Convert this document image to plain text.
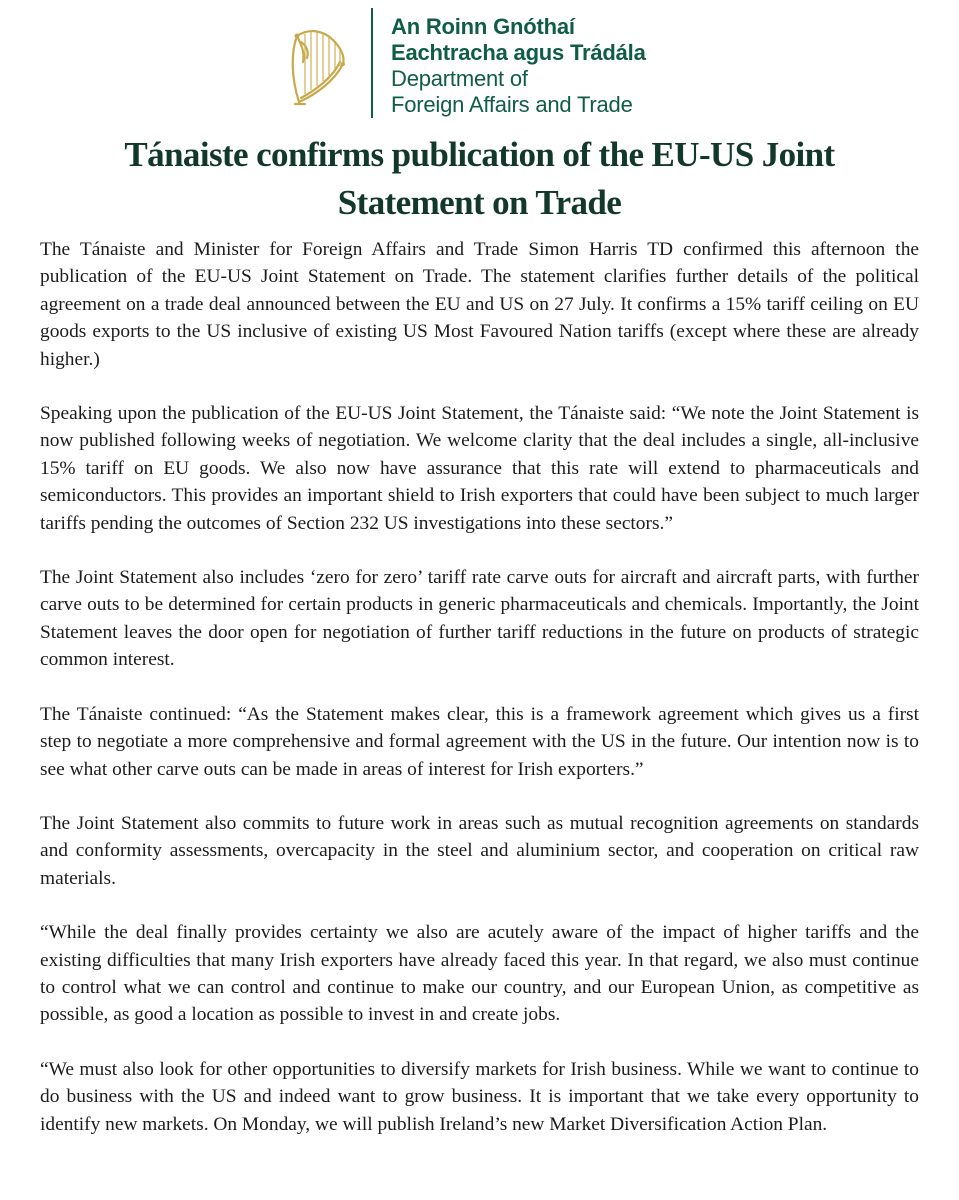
An Roinn Gnóthaí
Eachtracha agus Trádála
Department of
Foreign Affairs and Trade
Tánaiste confirms publication of the EU-US Joint
Statement on Trade

The Tánaiste and Minister for Foreign Affairs and Trade Simon Harris TD confirmed this afternoon the publication of the EU-US Joint Statement on Trade. The statement clarifies further details of the political agreement on a trade deal announced between the EU and US on 27 July. It confirms a 15% tariff ceiling on EU goods exports to the US inclusive of existing US Most Favoured Nation tariffs (except where these are already higher.)

Speaking upon the publication of the EU-US Joint Statement, the Tánaiste said: “We note the Joint Statement is now published following weeks of negotiation. We welcome clarity that the deal includes a single, all-inclusive 15% tariff on EU goods. We also now have assurance that this rate will extend to pharmaceuticals and semiconductors. This provides an important shield to Irish exporters that could have been subject to much larger tariffs pending the outcomes of Section 232 US investigations into these sectors.”

The Joint Statement also includes ‘zero for zero’ tariff rate carve outs for aircraft and aircraft parts, with further carve outs to be determined for certain products in generic pharmaceuticals and chemicals. Importantly, the Joint Statement leaves the door open for negotiation of further tariff reductions in the future on products of strategic common interest.

The Tánaiste continued: “As the Statement makes clear, this is a framework agreement which gives us a first step to negotiate a more comprehensive and formal agreement with the US in the future. Our intention now is to see what other carve outs can be made in areas of interest for Irish exporters.”

The Joint Statement also commits to future work in areas such as mutual recognition agreements on standards and conformity assessments, overcapacity in the steel and aluminium sector, and cooperation on critical raw materials.

“While the deal finally provides certainty we also are acutely aware of the impact of higher tariffs and the existing difficulties that many Irish exporters have already faced this year. In that regard, we also must continue to control what we can control and continue to make our country, and our European Union, as competitive as possible, as good a location as possible to invest in and create jobs.

“We must also look for other opportunities to diversify markets for Irish business. While we want to continue to do business with the US and indeed want to grow business. It is important that we take every opportunity to identify new markets. On Monday, we will publish Ireland’s new Market Diversification Action Plan.
